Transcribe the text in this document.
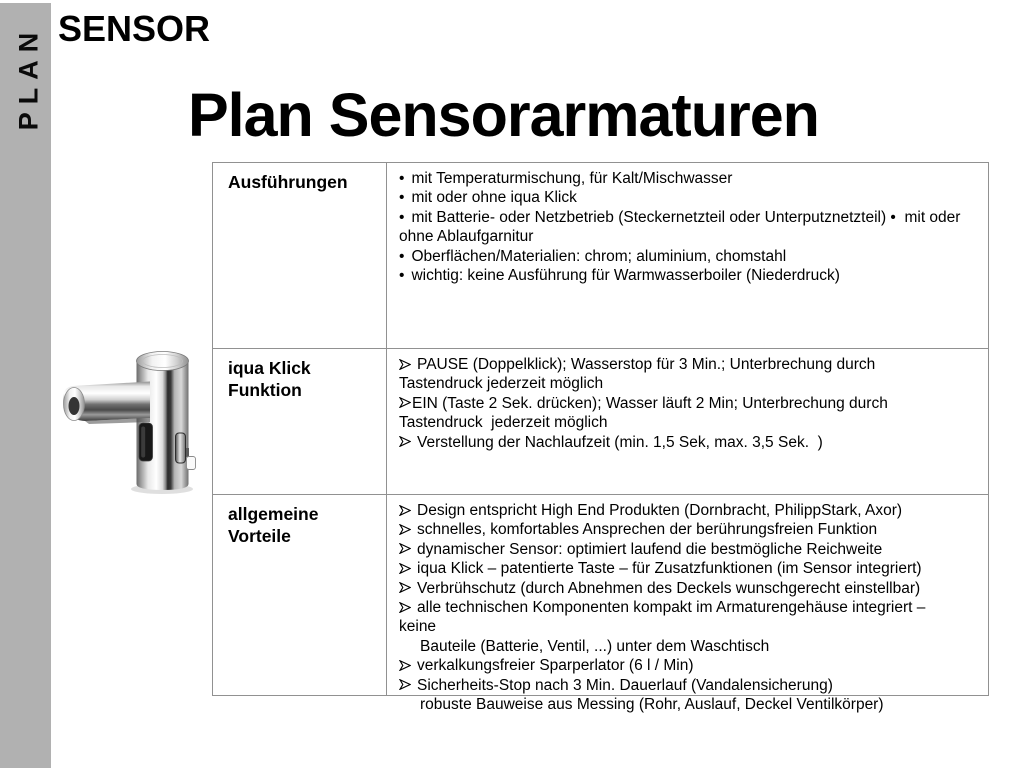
PLAN SENSOR
Plan Sensorarmaturen
Ausführungen	• mit Temperaturmischung, für Kalt/Mischwasser
• mit oder ohne iqua Klick
• mit Batterie- oder Netzbetrieb (Steckernetzteil oder Unterputznetzteil) •  mit oder
ohne Ablaufgarnitur
• Oberflächen/Materialien: chrom; aluminium, chomstahl
• wichtig: keine Ausführung für Warmwasserboiler (Niederdruck)
iqua Klick Funktion
PAUSE (Doppelklick); Wasserstop für 3 Min.; Unterbrechung durch
Tastendruck jederzeit möglich
EIN (Taste 2 Sek. drücken); Wasser läuft 2 Min; Unterbrechung durch
Tastendruck  jederzeit möglich
Verstellung der Nachlaufzeit (min. 1,5 Sek, max. 3,5 Sek.  )
allgemeine Vorteile
Design entspricht High End Produkten (Dornbracht, PhilippStark, Axor)
schnelles, komfortables Ansprechen der berührungsfreien Funktion
dynamischer Sensor: optimiert laufend die bestmögliche Reichweite
iqua Klick – patentierte Taste – für Zusatzfunktionen (im Sensor integriert)
Verbrühschutz (durch Abnehmen des Deckels wunschgerecht einstellbar)
alle technischen Komponenten kompakt im Armaturengehäuse integriert –
keine
Bauteile (Batterie, Ventil, ...) unter dem Waschtisch
verkalkungsfreier Sparperlator (6 l / Min)
Sicherheits-Stop nach 3 Min. Dauerlauf (Vandalensicherung)
robuste Bauweise aus Messing (Rohr, Auslauf, Deckel Ventilkörper)
